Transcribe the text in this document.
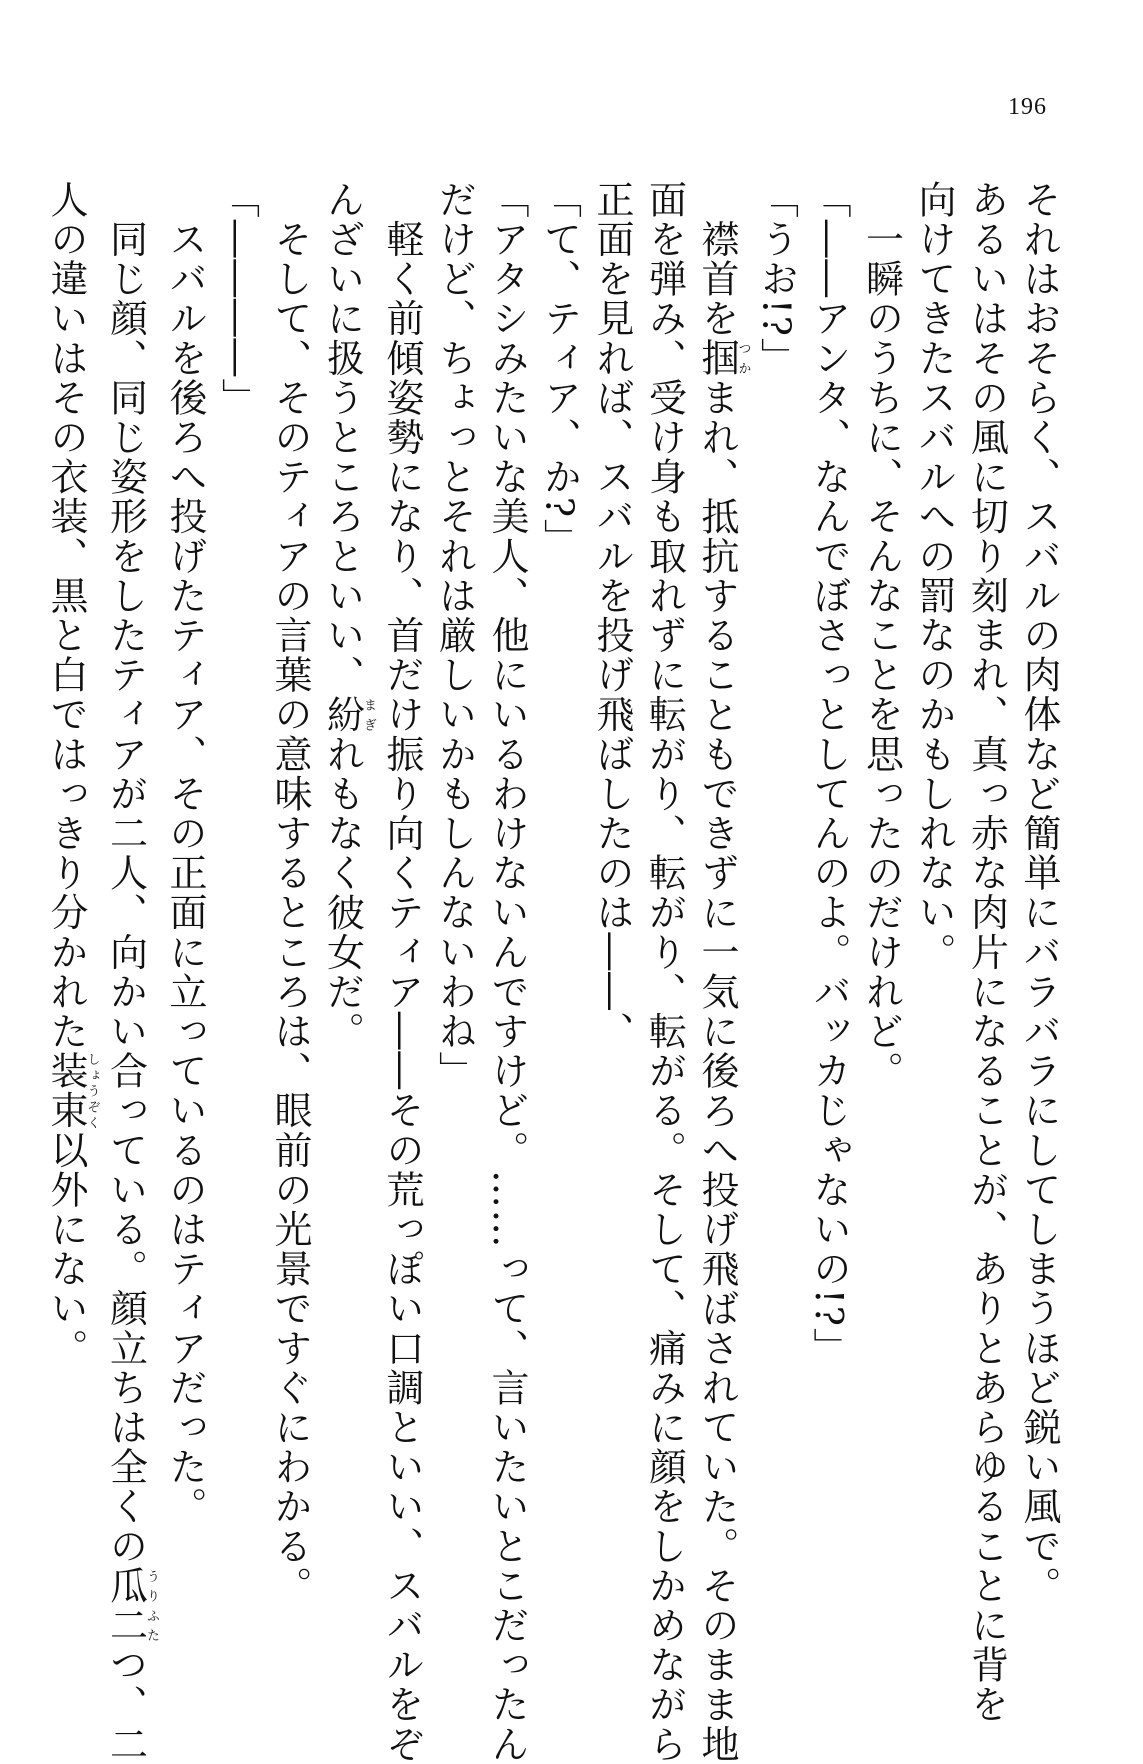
196
それはおそらく、スバルの肉体など簡単にバラバラにしてしまうほど鋭い風で。
あるいはその風に切り刻まれ、真っ赤な肉片になることが、ありとあらゆることに背を
向けてきたスバルへの罰なのかもしれない。
　一瞬のうちに、そんなことを思ったのだけれど。
「――アンタ、なんでぼさっとしてんのよ。バッカじゃないの!?」
「うお!?」
　襟首を掴つかまれ、抵抗することもできずに一気に後ろへ投げ飛ばされていた。そのまま地
面を弾み、受け身も取れずに転がり、転がり、転がる。そして、痛みに顔をしかめながら
正面を見れば、スバルを投げ飛ばしたのは――、
「て、ティア、か?」
「アタシみたいな美人、他にいるわけないんですけど。……って、言いたいとこだったん
だけど、ちょっとそれは厳しいかもしんないわね」
　軽く前傾姿勢になり、首だけ振り向くティア――その荒っぽい口調といい、スバルをぞ
んざいに扱うところといい、紛まぎれもなく彼女だ。
　そして、そのティアの言葉の意味するところは、眼前の光景ですぐにわかる。
「――――」
　スバルを後ろへ投げたティア、その正面に立っているのはティアだった。
　同じ顔、同じ姿形をしたティアが二人、向かい合っている。顔立ちは全くの瓜二うりふたつ、二
人の違いはその衣装、黒と白ではっきり分かれた装束しょうぞく以外にない。
